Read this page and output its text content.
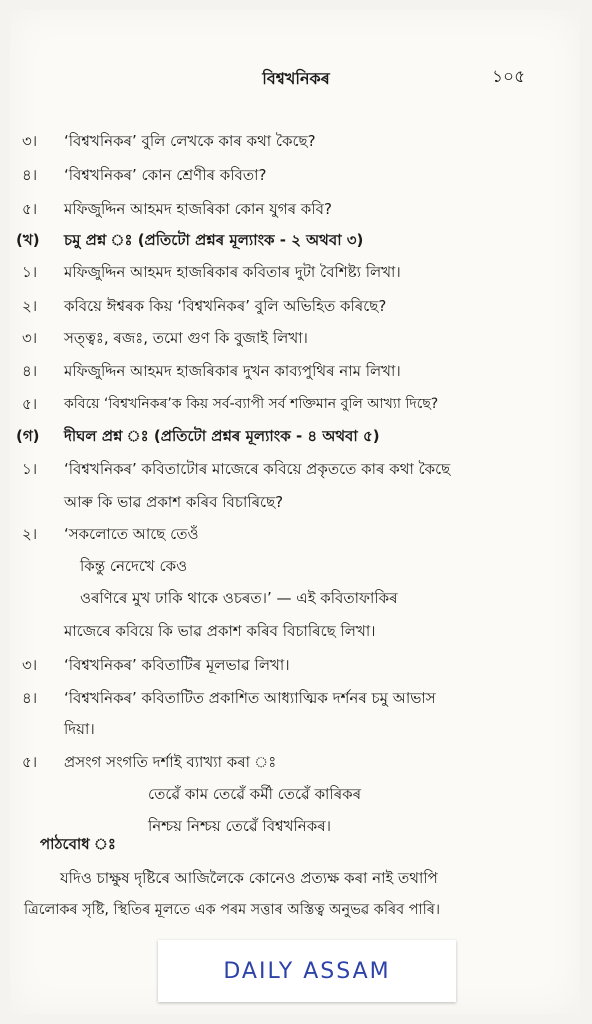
বিশ্বখনিকৰ	১০৫
৩। ‘বিশ্বখনিকৰ’ বুলি লেখকে কাৰ কথা কৈছে?
৪। ‘বিশ্বখনিকৰ’ কোন শ্ৰেণীৰ কবিতা?
৫। মফিজুদ্দিন আহমদ হাজৰিকা কোন যুগৰ কবি?
(খ) চমু প্ৰশ্ন ঃ (প্ৰতিটো প্ৰশ্নৰ মূল্যাংক - ২ অথবা ৩)
১। মফিজুদ্দিন আহমদ হাজৰিকাৰ কবিতাৰ দুটা বৈশিষ্ট্য লিখা।
২। কবিয়ে ঈশ্বৰক কিয় ‘বিশ্বখনিকৰ’ বুলি অভিহিত কৰিছে?
৩। সত্ত্বঃ, ৰজঃ, তমো গুণ কি বুজাই লিখা।
৪। মফিজুদ্দিন আহমদ হাজৰিকাৰ দুখন কাব্যপুথিৰ নাম লিখা।
৫। কবিয়ে ‘বিশ্বখনিকৰ’ক কিয় সৰ্ব-ব্যাপী সৰ্ব শক্তিমান বুলি আখ্যা দিছে?
(গ) দীঘল প্ৰশ্ন ঃ (প্ৰতিটো প্ৰশ্নৰ মূল্যাংক - ৪ অথবা ৫)
১। ‘বিশ্বখনিকৰ’ কবিতাটোৰ মাজেৰে কবিয়ে প্ৰকৃততে কাৰ কথা কৈছে
আৰু কি ভাৱ প্ৰকাশ কৰিব বিচাৰিছে?
২। ‘সকলোতে আছে তেওঁ
কিন্তু নেদেখে কেও
ওৰণিৰে মুখ ঢাকি থাকে ওচৰত।’ — এই কবিতাফাকিৰ
মাজেৰে কবিয়ে কি ভাৱ প্ৰকাশ কৰিব বিচাৰিছে লিখা।
৩। ‘বিশ্বখনিকৰ’ কবিতাটিৰ মূলভাৱ লিখা।
৪। ‘বিশ্বখনিকৰ’ কবিতাটিত প্ৰকাশিত আধ্যাত্মিক দৰ্শনৰ চমু আভাস
দিয়া।
৫। প্ৰসংগ সংগতি দৰ্শাই ব্যাখ্যা কৰা ঃ
তেৱেঁ কাম তেৱেঁ কৰ্মী তেৱেঁ কাৰিকৰ
নিশ্চয় নিশ্চয় তেৱেঁ বিশ্বখনিকৰ।
পাঠবোধ ঃ
যদিও চাক্ষুষ দৃষ্টিৰে আজিলৈকে কোনেও প্ৰত্যক্ষ কৰা নাই তথাপি
ত্ৰিলোকৰ সৃষ্টি, স্থিতিৰ মূলতে এক পৰম সত্তাৰ অস্তিত্ব অনুভৱ কৰিব পাৰি।
DAILY ASSAM
